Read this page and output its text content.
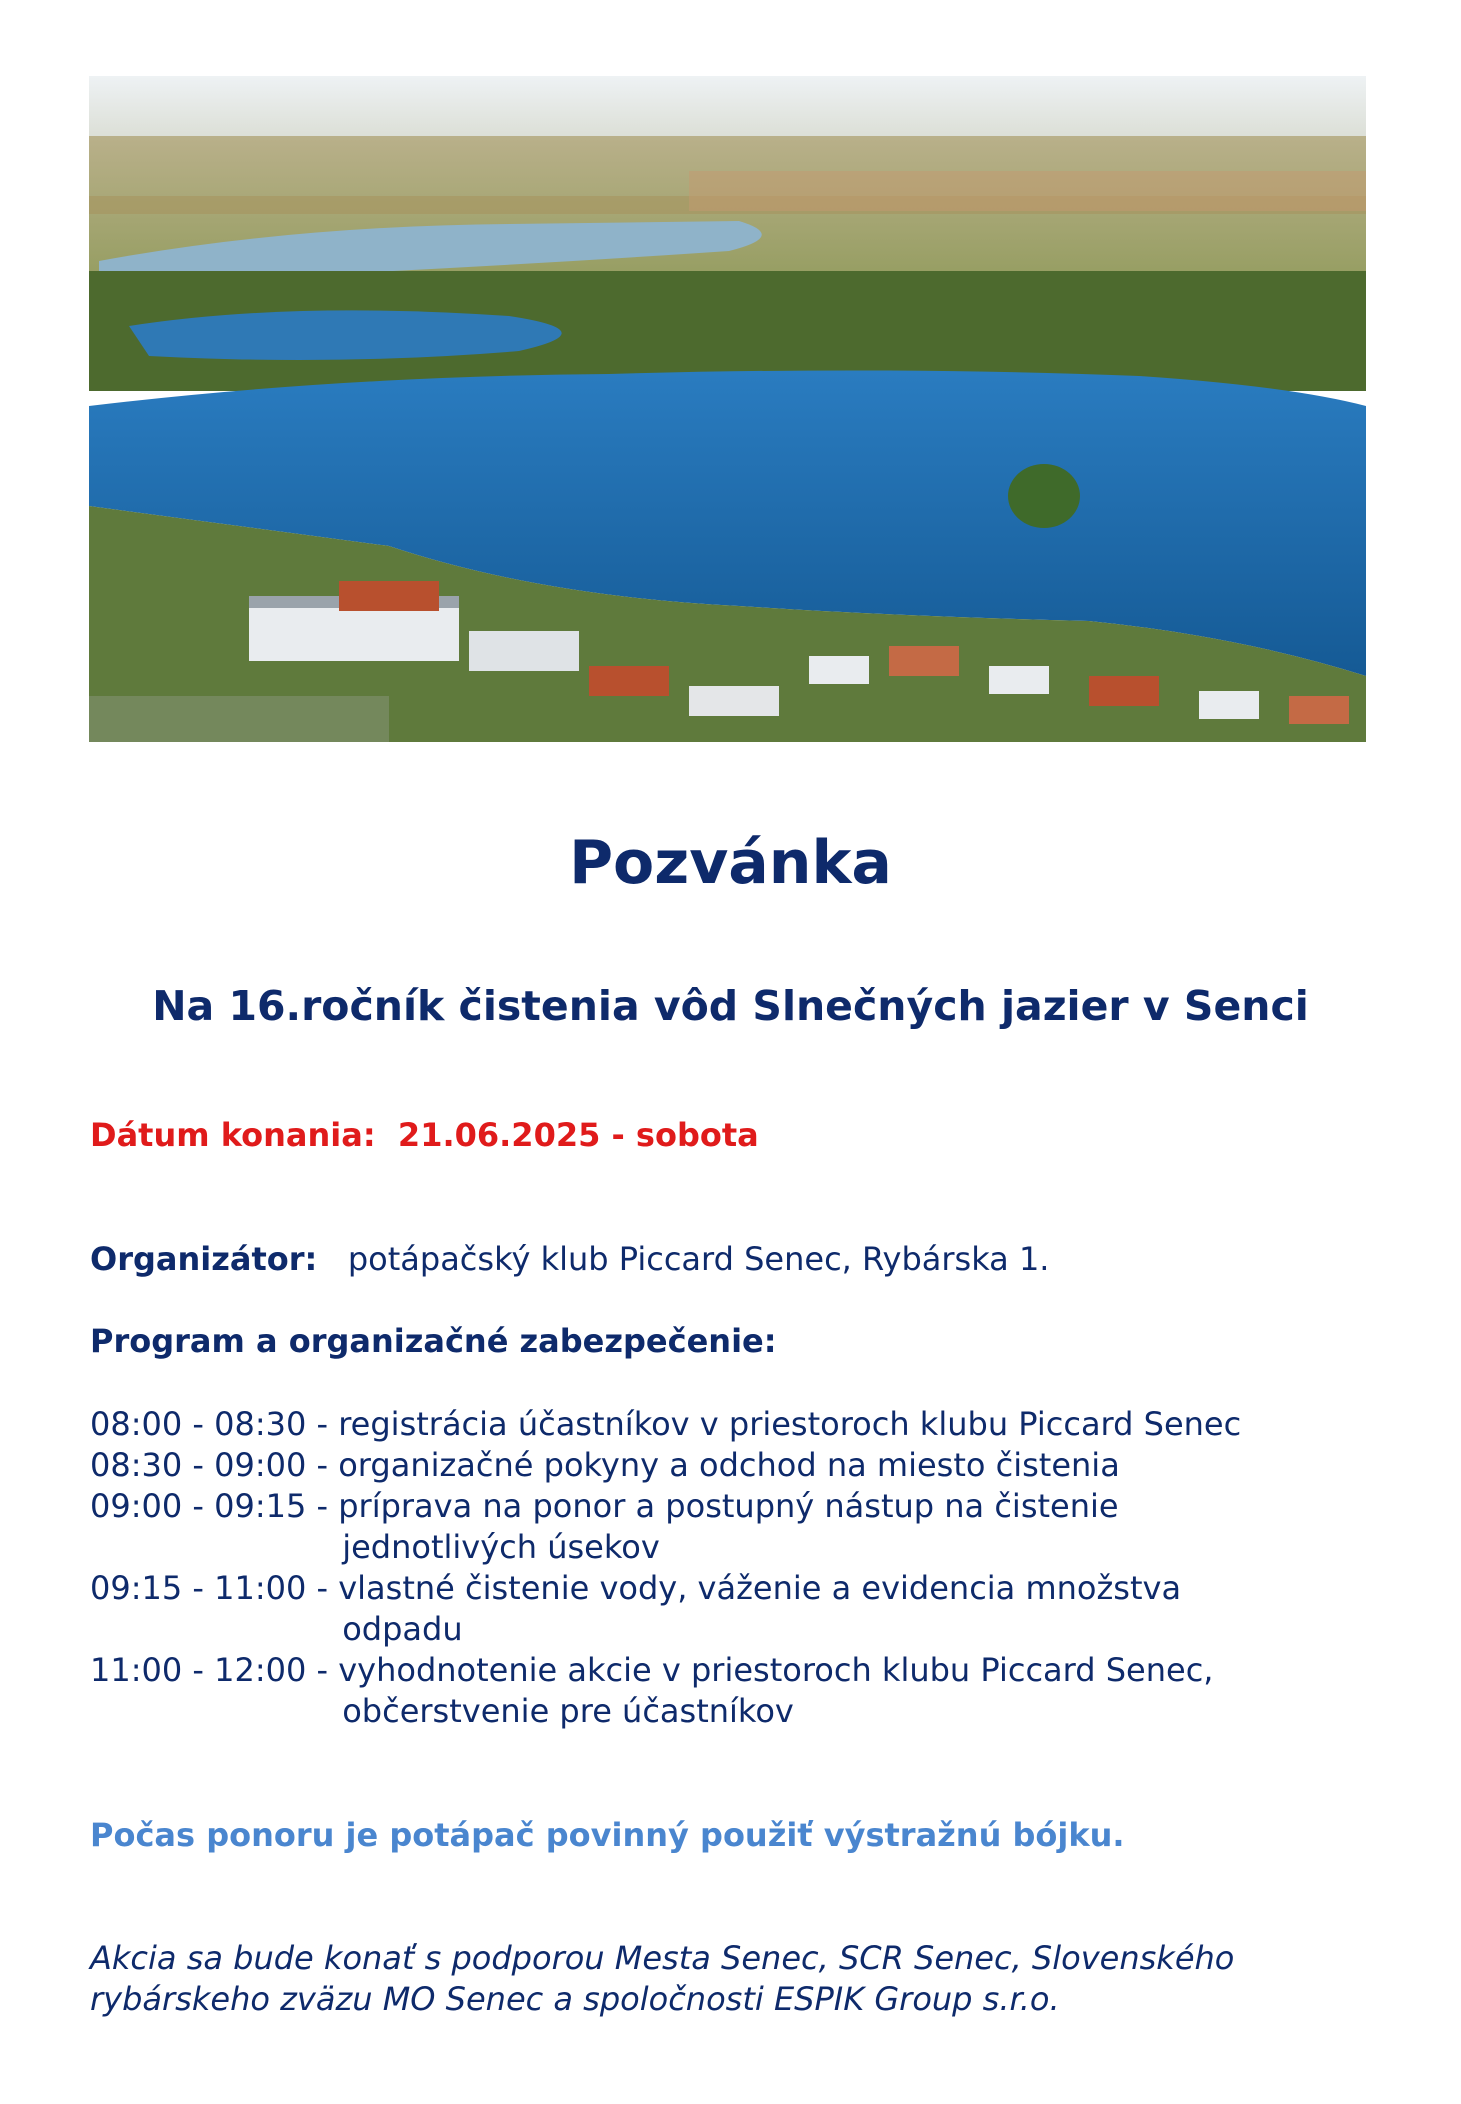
Pozvánka
Na 16.ročník čistenia vôd Slnečných jazier v Senci
Dátum konania: 21.06.2025 - sobota
Organizátor: potápačský klub Piccard Senec, Rybárska 1.
Program a organizačné zabezpečenie:
08:00 - 08:30 - registrácia účastníkov v priestoroch klubu Piccard Senec
08:30 - 09:00 - organizačné pokyny a odchod na miesto čistenia
09:00 - 09:15 - príprava na ponor a postupný nástup na čistenie
jednotlivých úsekov
09:15 - 11:00 - vlastné čistenie vody, váženie a evidencia množstva
odpadu
11:00 - 12:00 - vyhodnotenie akcie v priestoroch klubu Piccard Senec,
občerstvenie pre účastníkov
Počas ponoru je potápač povinný použiť výstražnú bójku.
Akcia sa bude konať s podporou Mesta Senec, SCR Senec, Slovenského
rybárskeho zväzu MO Senec a spoločnosti ESPIK Group s.r.o.
